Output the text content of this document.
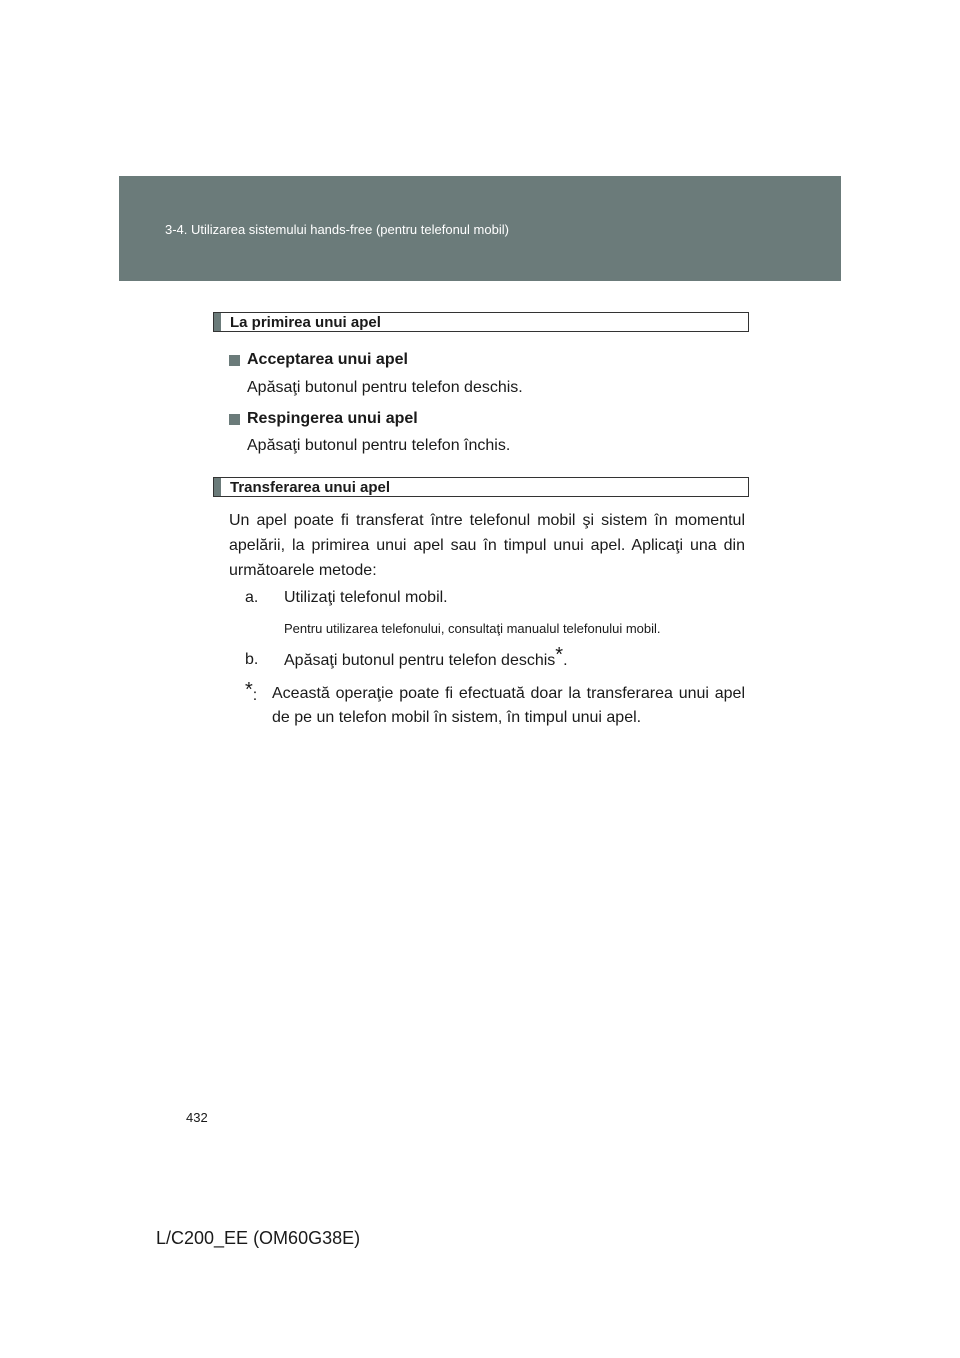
3-4. Utilizarea sistemului hands-free (pentru telefonul mobil)
La primirea unui apel
Acceptarea unui apel
Apăsaţi butonul pentru telefon deschis.
Respingerea unui apel
Apăsaţi butonul pentru telefon închis.
Transferarea unui apel
Un apel poate fi transferat între telefonul mobil şi sistem în momentul apelării, la primirea unui apel sau în timpul unui apel. Aplicaţi una din următoarele metode:
a. Utilizaţi telefonul mobil.
Pentru utilizarea telefonului, consultaţi manualul telefonului mobil.
b. Apăsaţi butonul pentru telefon deschis*.
*: Această operaţie poate fi efectuată doar la transferarea unui apel de pe un telefon mobil în sistem, în timpul unui apel.
432
L/C200_EE (OM60G38E)
